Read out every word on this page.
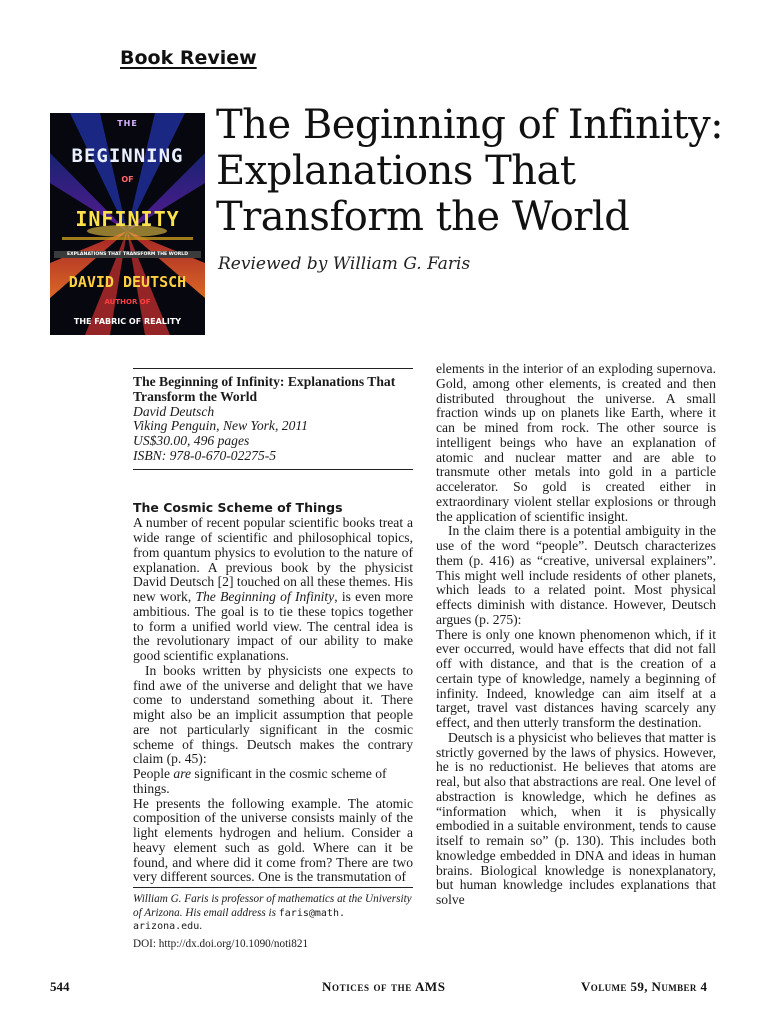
Book Review
THE
BEGINNING
OF
INFINITY
EXPLANATIONS THAT TRANSFORM THE WORLD
DAVID DEUTSCH
AUTHOR OF
THE FABRIC OF REALITY
The Beginning of Infinity: Explanations That Transform the World
Reviewed by William G. Faris
The Beginning of Infinity: Explanations That Transform the World
David Deutsch
Viking Penguin, New York, 2011
US$30.00, 496 pages
ISBN: 978-0-670-02275-5
The Cosmic Scheme of Things

A number of recent popular scientific books treat a wide range of scientific and philosophical topics, from quantum physics to evolution to the nature of explanation. A previous book by the physicist David Deutsch [2] touched on all these themes. His new work, The Beginning of Infinity, is even more ambitious. The goal is to tie these topics together to form a unified world view. The central idea is the revolutionary impact of our ability to make good scientific explanations.

In books written by physicists one expects to find awe of the universe and delight that we have come to understand something about it. There might also be an implicit assumption that people are not particularly significant in the cosmic scheme of things. Deutsch makes the contrary claim (p. 45):

People are significant in the cosmic scheme of things.

He presents the following example. The atomic composition of the universe consists mainly of the light elements hydrogen and helium. Consider a heavy element such as gold. Where can it be found, and where did it come from? There are two very different sources. One is the transmutation of

elements in the interior of an exploding supernova. Gold, among other elements, is created and then distributed throughout the universe. A small fraction winds up on planets like Earth, where it can be mined from rock. The other source is intelligent beings who have an explanation of atomic and nuclear matter and are able to transmute other metals into gold in a particle accelerator. So gold is created either in extraordinary violent stellar explosions or through the application of scientific insight.

In the claim there is a potential ambiguity in the use of the word “people”. Deutsch characterizes them (p. 416) as “creative, universal explainers”. This might well include residents of other planets, which leads to a related point. Most physical effects diminish with distance. However, Deutsch argues (p. 275):

There is only one known phenomenon which, if it ever occurred, would have effects that did not fall off with distance, and that is the creation of a certain type of knowledge, namely a beginning of infinity. Indeed, knowledge can aim itself at a target, travel vast distances having scarcely any effect, and then utterly transform the destination.

Deutsch is a physicist who believes that matter is strictly governed by the laws of physics. However, he is no reductionist. He believes that atoms are real, but also that abstractions are real. One level of abstraction is knowledge, which he defines as “information which, when it is physically embodied in a suitable environment, tends to cause itself to remain so” (p. 130). This includes both knowledge embedded in DNA and ideas in human brains. Biological knowledge is nonexplanatory, but human knowledge includes explanations that solve

William G. Faris is professor of mathematics at the University of Arizona. His email address is faris@math. arizona.edu.
DOI: http://dx.doi.org/10.1090/noti821
544	Notices of the AMS	Volume 59, Number 4
